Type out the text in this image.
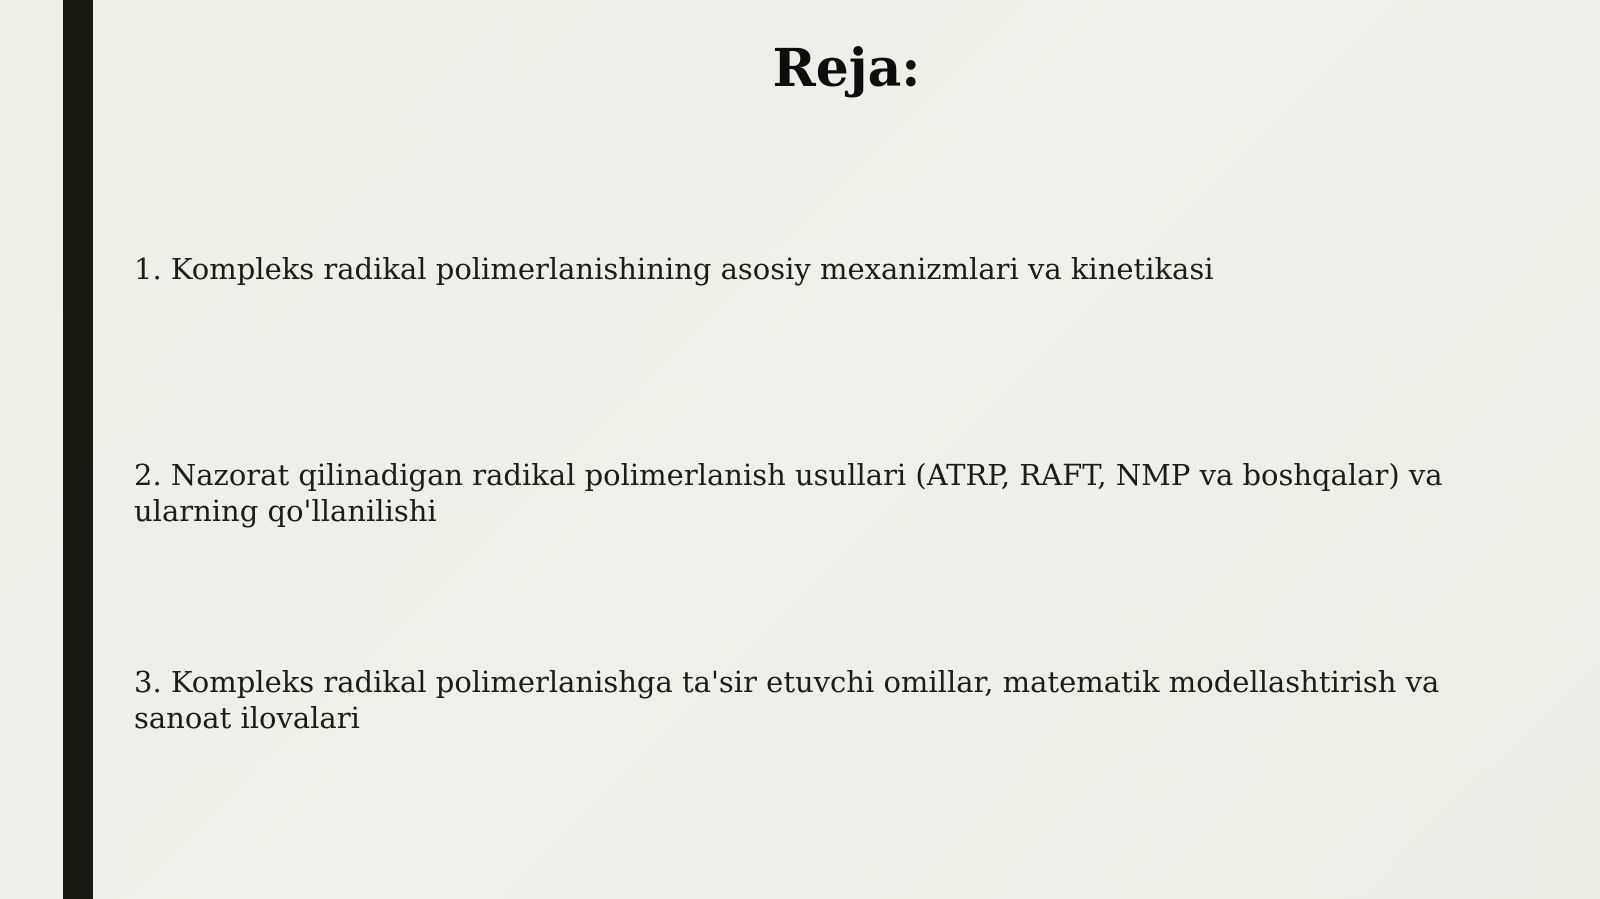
Reja:
1. Kompleks radikal polimerlanishining asosiy mexanizmlari va kinetikasi
2. Nazorat qilinadigan radikal polimerlanish usullari (ATRP, RAFT, NMP va boshqalar) va ularning qo'llanilishi
3. Kompleks radikal polimerlanishga ta'sir etuvchi omillar, matematik modellashtirish va sanoat ilovalari
